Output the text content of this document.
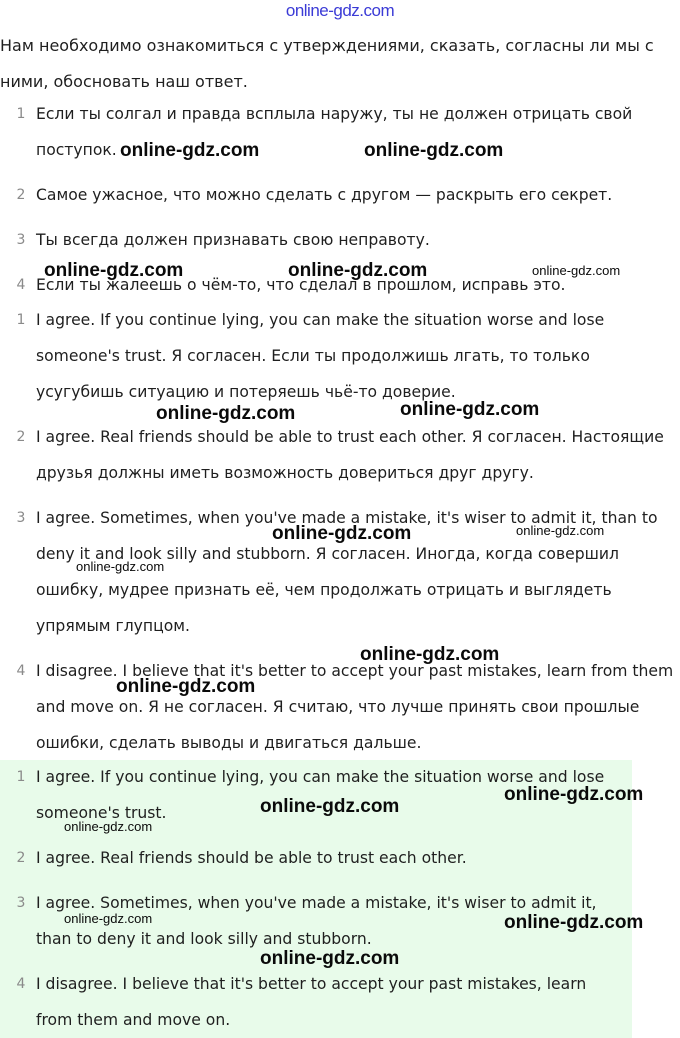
online-gdz.com
Нам необходимо ознакомиться с утверждениями, сказать, согласны ли мы с ними, обосновать наш ответ.
1 Если ты солгал и правда всплыла наружу, ты не должен отрицать свой поступок.
2 Самое ужасное, что можно сделать с другом — раскрыть его секрет.
3 Ты всегда должен признавать свою неправоту.
4 Если ты жалеешь о чём-то, что сделал в прошлом, исправь это.
1 I agree. If you continue lying, you can make the situation worse and lose someone's trust. Я согласен. Если ты продолжишь лгать, то только усугубишь ситуацию и потеряешь чьё-то доверие.
2 I agree. Real friends should be able to trust each other. Я согласен. Настоящие друзья должны иметь возможность довериться друг другу.
3 I agree. Sometimes, when you've made a mistake, it's wiser to admit it, than to deny it and look silly and stubborn. Я согласен. Иногда, когда совершил ошибку, мудрее признать её, чем продолжать отрицать и выглядеть упрямым глупцом.
4 I disagree. I believe that it's better to accept your past mistakes, learn from them and move on. Я не согласен. Я считаю, что лучше принять свои прошлые ошибки, сделать выводы и двигаться дальше.
1 I agree. If you continue lying, you can make the situation worse and lose someone's trust.
2 I agree. Real friends should be able to trust each other.
3 I agree. Sometimes, when you've made a mistake, it's wiser to admit it, than to deny it and look silly and stubborn.
4 I disagree. I believe that it's better to accept your past mistakes, learn from them and move on.
online-gdz.com	online-gdz.com
online-gdz.com	online-gdz.com	online-gdz.com
online-gdz.com	online-gdz.com
online-gdz.com	online-gdz.com
online-gdz.com
online-gdz.com
online-gdz.com
online-gdz.com
online-gdz.com
online-gdz.com
online-gdz.com	online-gdz.com
online-gdz.com
